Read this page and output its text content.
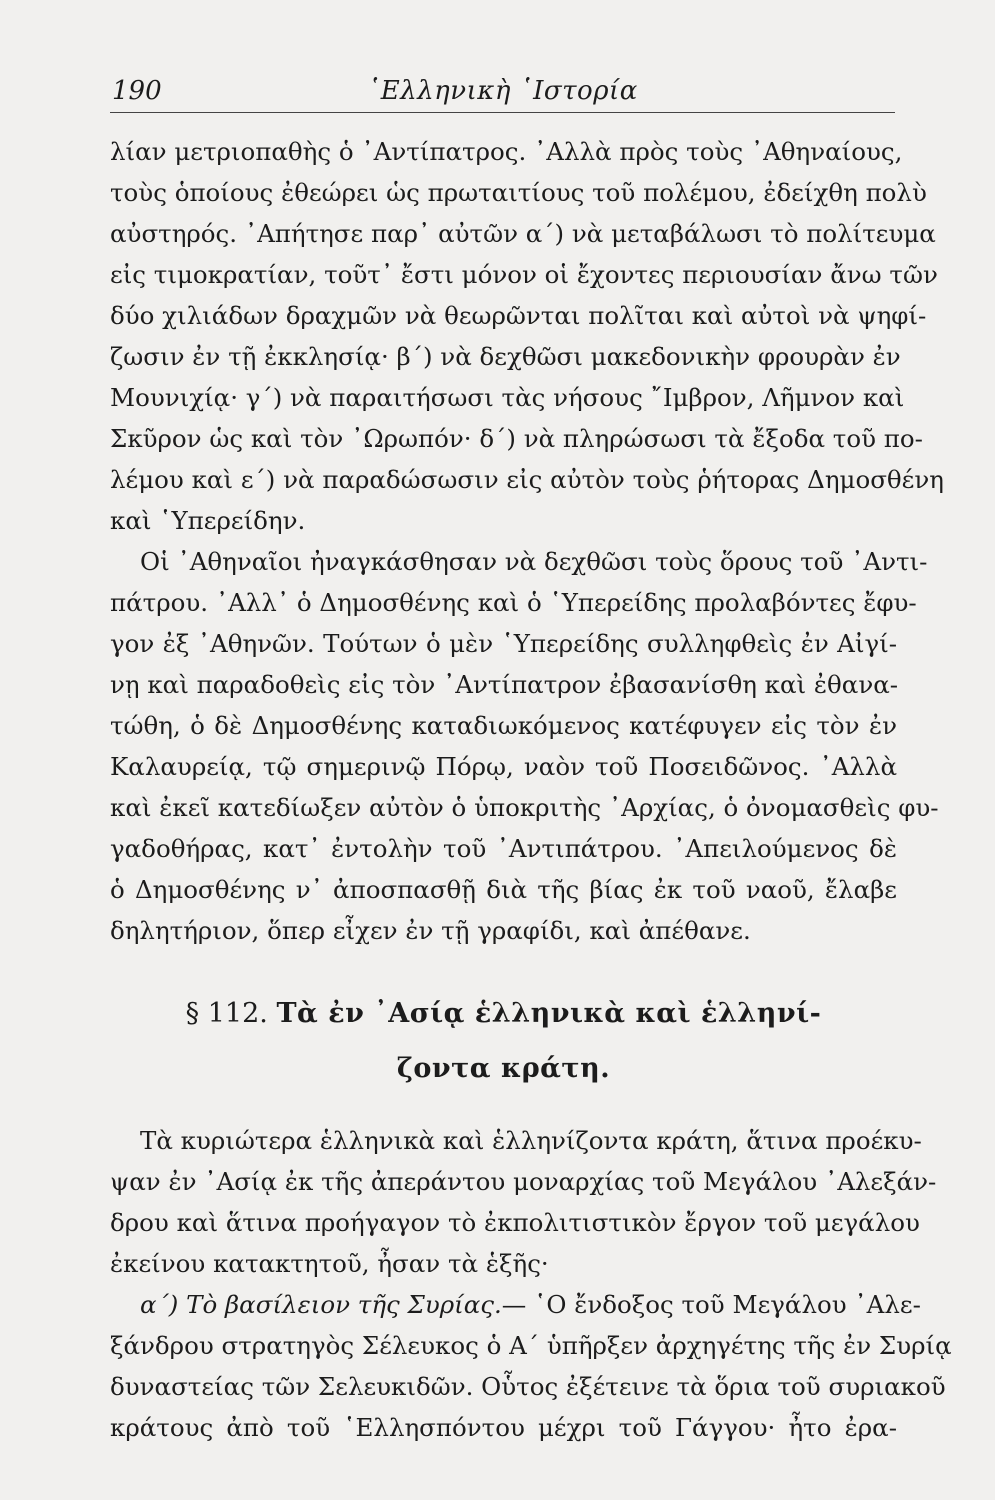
190	῾Ελληνικὴ ῾Ιστορία
λίαν μετριοπαθὴς ὁ ᾿Αντίπατρος. ᾿Αλλὰ πρὸς τοὺς ᾿Αθηναίους,
τοὺς ὁποίους ἐθεώρει ὡς πρωταιτίους τοῦ πολέμου, ἐδείχθη πολὺ
αὐστηρός. ᾿Απήτησε παρ᾿ αὐτῶν α΄) νὰ μεταβάλωσι τὸ πολίτευμα
εἰς τιμοκρατίαν, τοῦτ᾿ ἔστι μόνον οἱ ἔχοντες περιουσίαν ἄνω τῶν
δύο χιλιάδων δραχμῶν νὰ θεωρῶνται πολῖται καὶ αὐτοὶ νὰ ψηφί-
ζωσιν ἐν τῇ ἐκκλησίᾳ· β΄) νὰ δεχθῶσι μακεδονικὴν φρουρὰν ἐν
Μουνιχίᾳ· γ΄) νὰ παραιτήσωσι τὰς νήσους ῎Ιμβρον, Λῆμνον καὶ
Σκῦρον ὡς καὶ τὸν ᾿Ωρωπόν· δ΄) νὰ πληρώσωσι τὰ ἔξοδα τοῦ πο-
λέμου καὶ ε΄) νὰ παραδώσωσιν εἰς αὐτὸν τοὺς ῥήτορας Δημοσθένη
καὶ ῾Υπερείδην.
Οἱ ᾿Αθηναῖοι ἠναγκάσθησαν νὰ δεχθῶσι τοὺς ὅρους τοῦ ᾿Αντι-
πάτρου. ᾿Αλλ᾿ ὁ Δημοσθένης καὶ ὁ ῾Υπερείδης προλαβόντες ἔφυ-
γον ἐξ ᾿Αθηνῶν. Τούτων ὁ μὲν ῾Υπερείδης συλληφθεὶς ἐν Αἰγί-
νῃ καὶ παραδοθεὶς εἰς τὸν ᾿Αντίπατρον ἐβασανίσθη καὶ ἐθανα-
τώθη, ὁ δὲ Δημοσθένης καταδιωκόμενος κατέφυγεν εἰς τὸν ἐν
Καλαυρείᾳ, τῷ σημερινῷ Πόρῳ, ναὸν τοῦ Ποσειδῶνος. ᾿Αλλὰ
καὶ ἐκεῖ κατεδίωξεν αὐτὸν ὁ ὑποκριτὴς ᾿Αρχίας, ὁ ὀνομασθεὶς φυ-
γαδοθήρας, κατ᾿ ἐντολὴν τοῦ ᾿Αντιπάτρου. ᾿Απειλούμενος δὲ
ὁ Δημοσθένης ν᾿ ἀποσπασθῇ διὰ τῆς βίας ἐκ τοῦ ναοῦ, ἔλαβε
δηλητήριον, ὅπερ εἶχεν ἐν τῇ γραφίδι, καὶ ἀπέθανε.
§ 112. Τὰ ἐν ᾿Ασίᾳ ἑλληνικὰ καὶ ἑλληνί-
ζοντα κράτη.
Τὰ κυριώτερα ἑλληνικὰ καὶ ἑλληνίζοντα κράτη, ἅτινα προέκυ-
ψαν ἐν ᾿Ασίᾳ ἐκ τῆς ἀπεράντου μοναρχίας τοῦ Μεγάλου ᾿Αλεξάν-
δρου καὶ ἅτινα προήγαγον τὸ ἐκπολιτιστικὸν ἔργον τοῦ μεγάλου
ἐκείνου κατακτητοῦ, ἦσαν τὰ ἑξῆς·
α΄) Τὸ βασίλειον τῆς Συρίας.— ῾Ο ἔνδοξος τοῦ Μεγάλου ᾿Αλε-
ξάνδρου στρατηγὸς Σέλευκος ὁ Α΄ ὑπῆρξεν ἀρχηγέτης τῆς ἐν Συρίᾳ
δυναστείας τῶν Σελευκιδῶν. Οὗτος ἐξέτεινε τὰ ὅρια τοῦ συριακοῦ
κράτους ἀπὸ τοῦ ῾Ελλησπόντου μέχρι τοῦ Γάγγου· ἦτο ἐρα-
